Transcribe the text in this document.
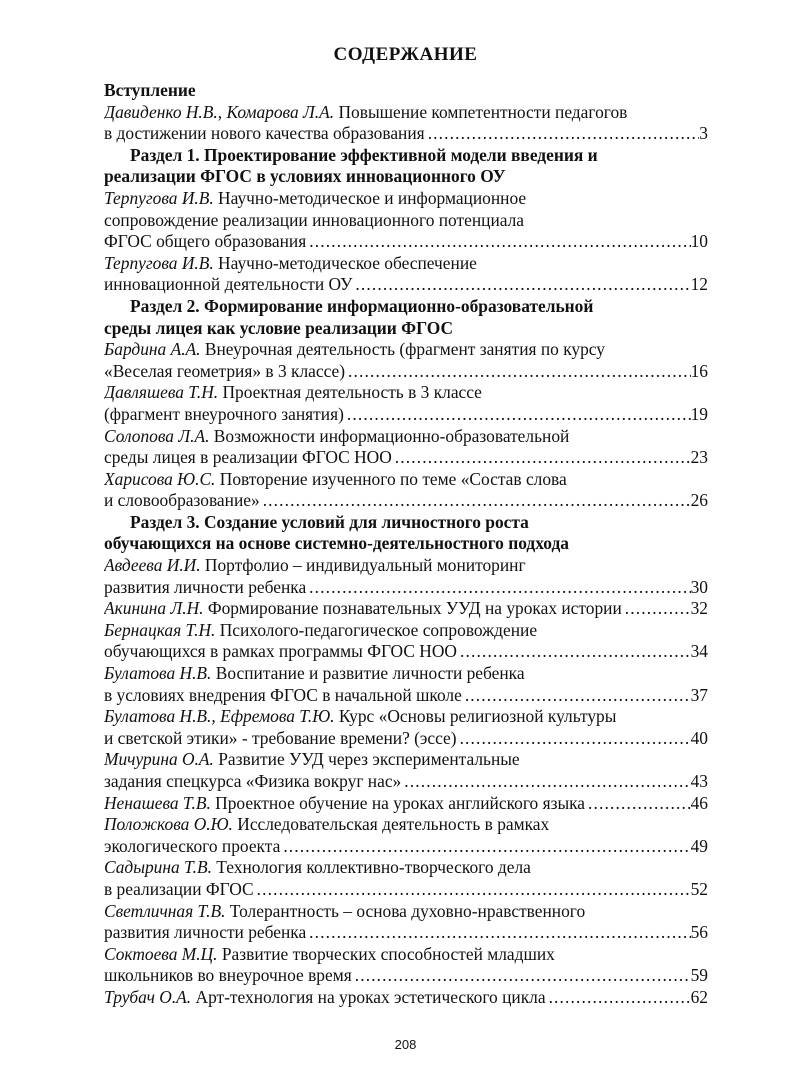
СОДЕРЖАНИЕ
Вступление
Давиденко Н.В., Комарова Л.А. Повышение компетентности педагогов
в достижении нового качества образования . . .	3
Раздел 1. Проектирование эффективной модели введения и
реализации ФГОС в условиях инновационного ОУ
Терпугова И.В. Научно-методическое и информационное
сопровождение реализации инновационного потенциала
ФГОС общего образования . . .	10
Терпугова И.В. Научно-методическое обеспечение
инновационной деятельности ОУ . . .	12
Раздел 2. Формирование информационно-образовательной
среды лицея как условие реализации ФГОС
Бардина А.А. Внеурочная деятельность (фрагмент занятия по курсу
«Веселая геометрия» в 3 классе) . . .	16
Давляшева Т.Н. Проектная деятельность в 3 классе
(фрагмент внеурочного занятия) . . .	19
Солопова Л.А. Возможности информационно-образовательной
среды лицея в реализации ФГОС НОО . . .	23
Харисова Ю.С. Повторение изученного по теме «Состав слова
и словообразование» . . .	26
Раздел 3. Создание условий для личностного роста
обучающихся на основе системно-деятельностного подхода
Авдеева И.И. Портфолио – индивидуальный мониторинг
развития личности ребенка . . .	30
Акинина Л.Н. Формирование познавательных УУД на уроках истории . . .	32
Бернацкая Т.Н. Психолого-педагогическое сопровождение
обучающихся в рамках программы ФГОС НОО . . .	34
Булатова Н.В. Воспитание и развитие личности ребенка
в условиях внедрения ФГОС в начальной школе . . .	37
Булатова Н.В., Ефремова Т.Ю. Курс «Основы религиозной культуры
и светской этики» - требование времени? (эссе) . . .	40
Мичурина О.А. Развитие УУД через экспериментальные
задания спецкурса «Физика вокруг нас» . . .	43
Ненашева Т.В. Проектное обучение на уроках английского языка . . .	46
Положкова О.Ю. Исследовательская деятельность в рамках
экологического проекта . . .	49
Садырина Т.В. Технология коллективно-творческого дела
в реализации ФГОС . . .	52
Светличная Т.В. Толерантность – основа духовно-нравственного
развития личности ребенка . . .	56
Соктоева М.Ц. Развитие творческих способностей младших
школьников во внеурочное время . . .	59
Трубач О.А. Арт-технология на уроках эстетического цикла . . .	62
208
